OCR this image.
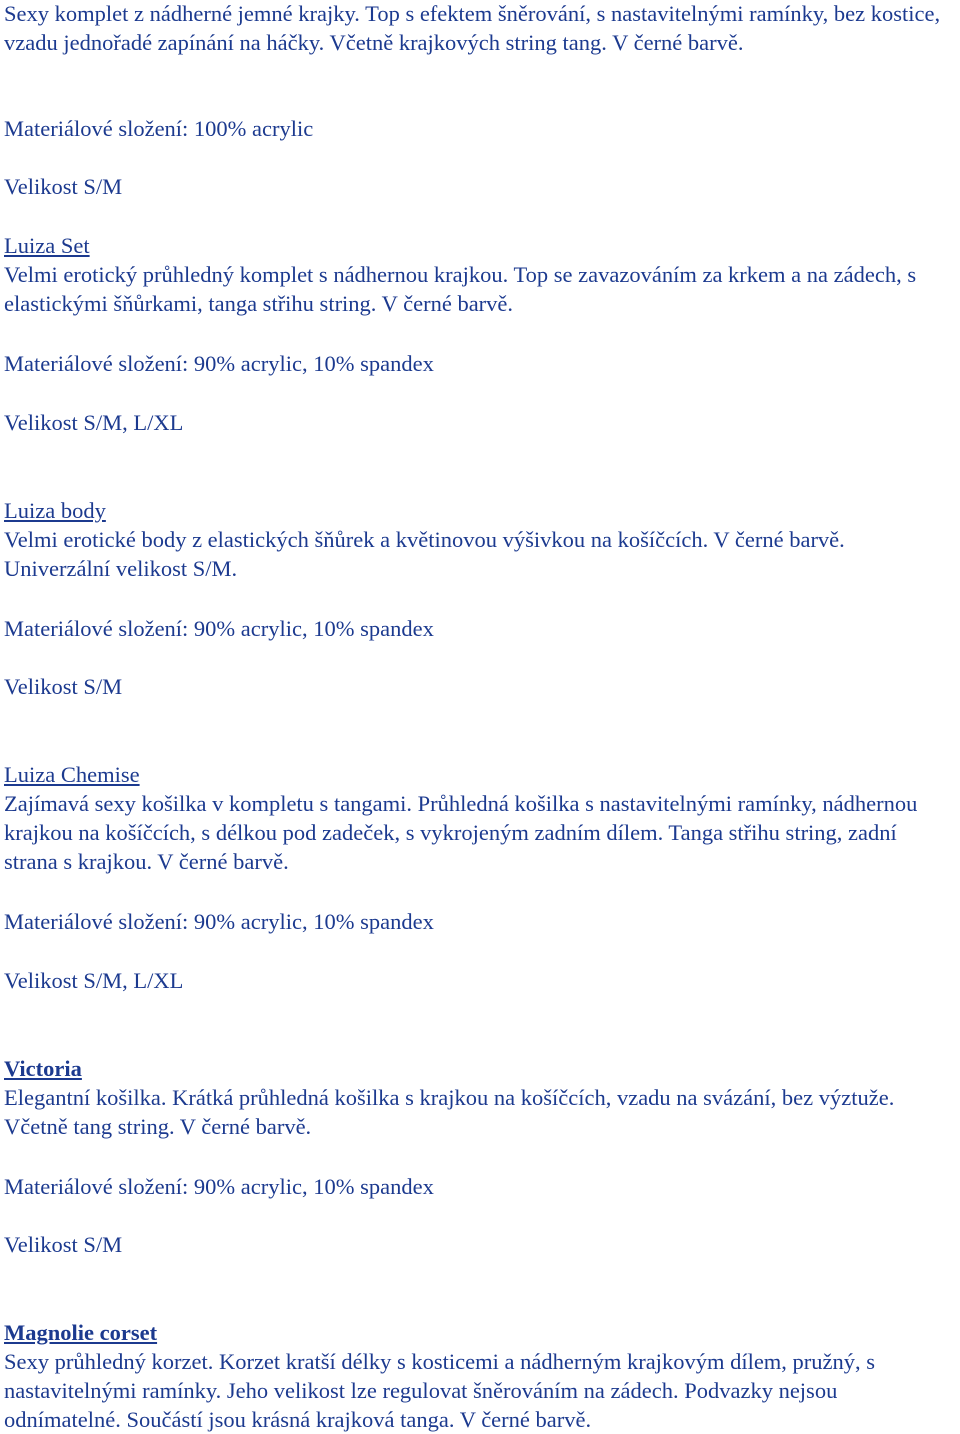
Sexy komplet z nádherné jemné krajky. Top s efektem šněrování, s nastavitelnými ramínky, bez kostice, vzadu jednořadé zapínání na háčky. Včetně krajkových string tang. V černé barvě.

Materiálové složení: 100% acrylic

Velikost S/M

Luiza Set

Velmi erotický průhledný komplet s nádhernou krajkou. Top se zavazováním za krkem a na zádech, s elastickými šňůrkami, tanga střihu string. V černé barvě.

Materiálové složení: 90% acrylic, 10% spandex

Velikost S/M, L/XL

Luiza body

Velmi erotické body z elastických šňůrek a květinovou výšivkou na košíčcích. V černé barvě. Univerzální velikost S/M.

Materiálové složení: 90% acrylic, 10% spandex

Velikost S/M

Luiza Chemise

Zajímavá sexy košilka v kompletu s tangami. Průhledná košilka s nastavitelnými ramínky, nádhernou krajkou na košíčcích, s délkou pod zadeček, s vykrojeným zadním dílem. Tanga střihu string, zadní strana s krajkou. V černé barvě.

Materiálové složení: 90% acrylic, 10% spandex

Velikost S/M, L/XL

Victoria

Elegantní košilka. Krátká průhledná košilka s krajkou na košíčcích, vzadu na svázání, bez výztuže. Včetně tang string. V černé barvě.

Materiálové složení: 90% acrylic, 10% spandex

Velikost S/M

Magnolie corset

Sexy průhledný korzet. Korzet kratší délky s kosticemi a nádherným krajkovým dílem, pružný, s nastavitelnými ramínky. Jeho velikost lze regulovat šněrováním na zádech. Podvazky nejsou odnímatelné. Součástí jsou krásná krajková tanga. V černé barvě.
